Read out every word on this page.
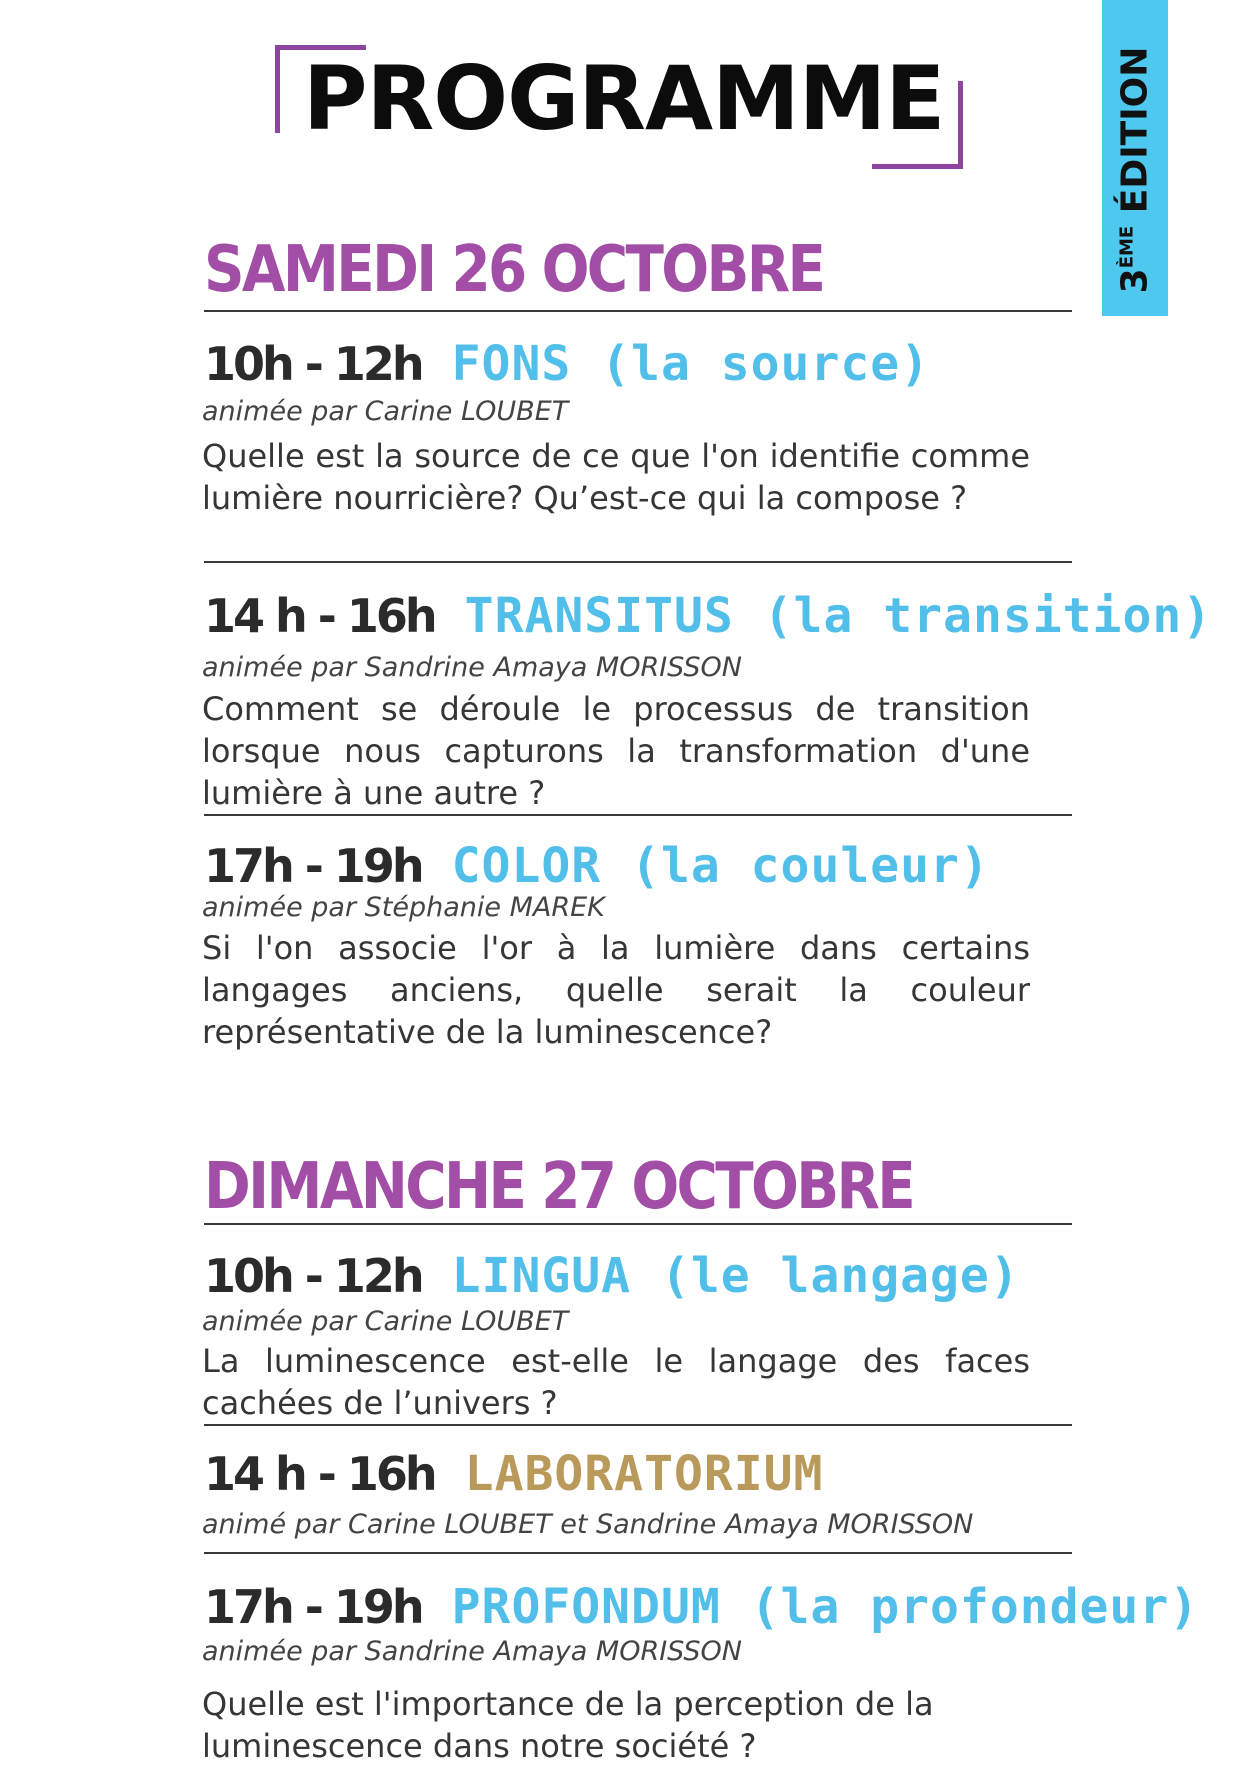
3ÈME ÉDITION
PROGRAMME
SAMEDI 26 OCTOBRE
10h - 12h FONS (la source)
animée par Carine LOUBET
Quelle est la source de ce que l'on identifie comme lumière nourricière? Qu’est-ce qui la compose ?
14 h - 16h TRANSITUS (la transition)
animée par Sandrine Amaya MORISSON
Comment se déroule le processus de transition lorsque nous capturons la transformation d'une lumière à une autre ?
17h - 19h COLOR (la couleur)
animée par Stéphanie MAREK
Si l'on associe l'or à la lumière dans certains langages anciens, quelle serait la couleur représentative de la luminescence?
DIMANCHE 27 OCTOBRE
10h - 12h LINGUA (le langage)
animée par Carine LOUBET
La luminescence est-elle le langage des faces cachées de l’univers ?
14 h - 16h LABORATORIUM
animé par Carine LOUBET et Sandrine Amaya MORISSON
17h - 19h PROFONDUM (la profondeur)
animée par Sandrine Amaya MORISSON
Quelle est l'importance de la perception de la luminescence dans notre société ?
